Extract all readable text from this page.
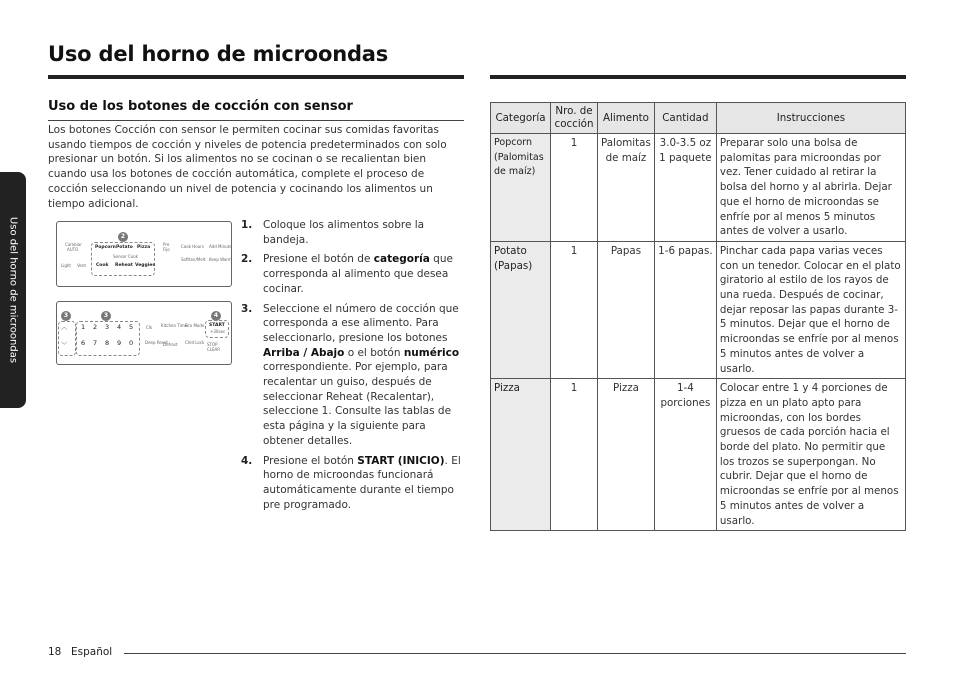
Uso del horno de microondas
Uso del horno de microondas
Uso de los botones de cocción con sensor
Los botones Cocción con sensor le permiten cocinar sus comidas favoritas usando tiempos de cocción y niveles de potencia predeterminados con solo presionar un botón. Si los alimentos no se cocinan o se recalientan bien cuando usa los botones de cocción automática, complete el proceso de cocción seleccionando un nivel de potencia y cocinando los alimentos un tiempo adicional.
Cambiar
AUTO
Light Vent
2
Popcorn Potato Pizza
Sensor Cook
Cook Reheat Veggies
Pre
Fijo
Cook Hours Add Minute
Softten/Melt Keep Warm
3	3	4
︿
﹀
1 2 3 4 5
6 7 8 9 0
Clk Kitchen Timer
Eco Mode
Deep Reset
Defrost Chld Lock
START
+30sec
STOP CLEAR
1. Coloque los alimentos sobre la bandeja.
2. Presione el botón de categoría que corresponda al alimento que desea cocinar.
3. Seleccione el número de cocción que corresponda a ese alimento. Para seleccionarlo, presione los botones Arriba / Abajo o el botón numérico correspondiente. Por ejemplo, para recalentar un guiso, después de seleccionar Reheat (Recalentar), seleccione 1. Consulte las tablas de esta página y la siguiente para obtener detalles.
4. Presione el botón START (INICIO). El horno de microondas funcionará automáticamente durante el tiempo pre programado.
Categoría	Nro. de cocción	Alimento	Cantidad	Instrucciones
Popcorn (Palomitas de maíz)	1	Palomitas de maíz	3.0-3.5 oz 1 paquete	Preparar solo una bolsa de palomitas para microondas por vez. Tener cuidado al retirar la bolsa del horno y al abrirla. Dejar que el horno de microondas se enfríe por al menos 5 minutos antes de volver a usarlo.
Potato (Papas)	1	Papas	1-6 papas.	Pinchar cada papa varias veces con un tenedor. Colocar en el plato giratorio al estilo de los rayos de una rueda. Después de cocinar, dejar reposar las papas durante 3-5 minutos. Dejar que el horno de microondas se enfríe por al menos 5 minutos antes de volver a usarlo.
Pizza	1	Pizza	1-4 porciones	Colocar entre 1 y 4 porciones de pizza en un plato apto para microondas, con los bordes gruesos de cada porción hacia el borde del plato. No permitir que los trozos se superpongan. No cubrir. Dejar que el horno de microondas se enfríe por al menos 5 minutos antes de volver a usarlo.
18 Español
